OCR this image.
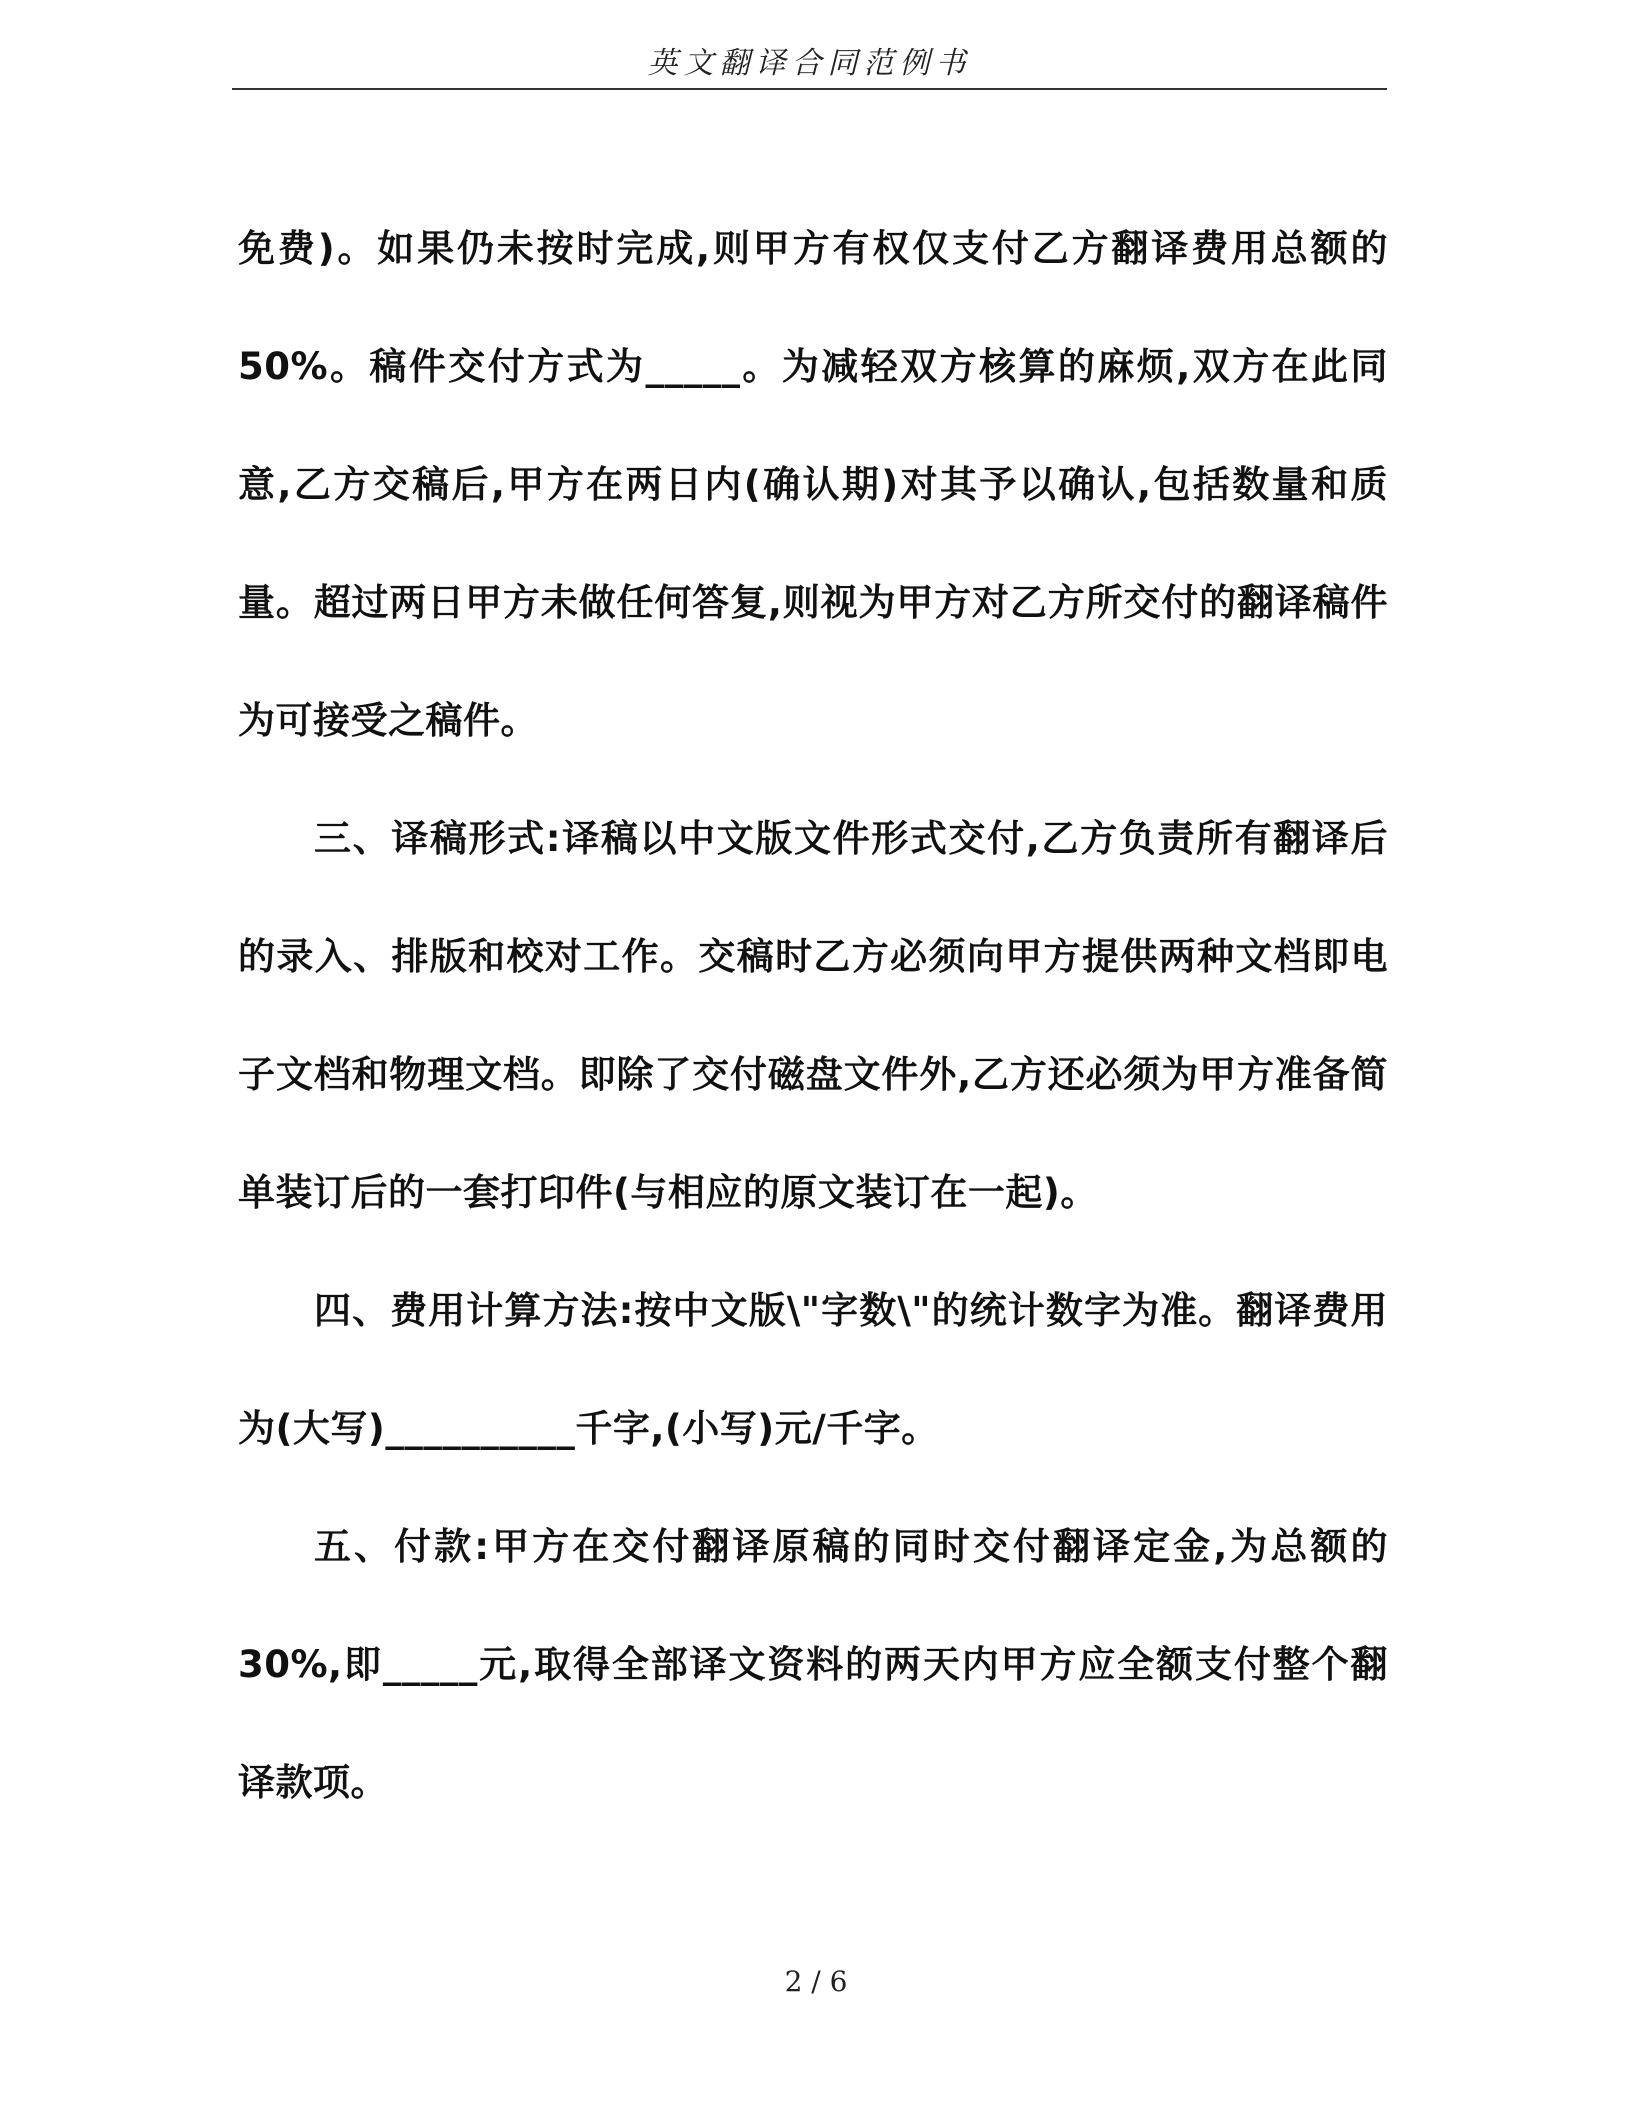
英文翻译合同范例书

免费)。如果仍未按时完成,则甲方有权仅支付乙方翻译费用总额的50%。稿件交付方式为_____。为减轻双方核算的麻烦,双方在此同意,乙方交稿后,甲方在两日内(确认期)对其予以确认,包括数量和质量。超过两日甲方未做任何答复,则视为甲方对乙方所交付的翻译稿件为可接受之稿件。

三、译稿形式:译稿以中文版文件形式交付,乙方负责所有翻译后的录入、排版和校对工作。交稿时乙方必须向甲方提供两种文档即电子文档和物理文档。即除了交付磁盘文件外,乙方还必须为甲方准备简单装订后的一套打印件(与相应的原文装订在一起)。

四、费用计算方法:按中文版\"字数\"的统计数字为准。翻译费用为(大写)__________千字,(小写)元/千字。

五、付款:甲方在交付翻译原稿的同时交付翻译定金,为总额的30%,即_____元,取得全部译文资料的两天内甲方应全额支付整个翻译款项。

2 / 6
